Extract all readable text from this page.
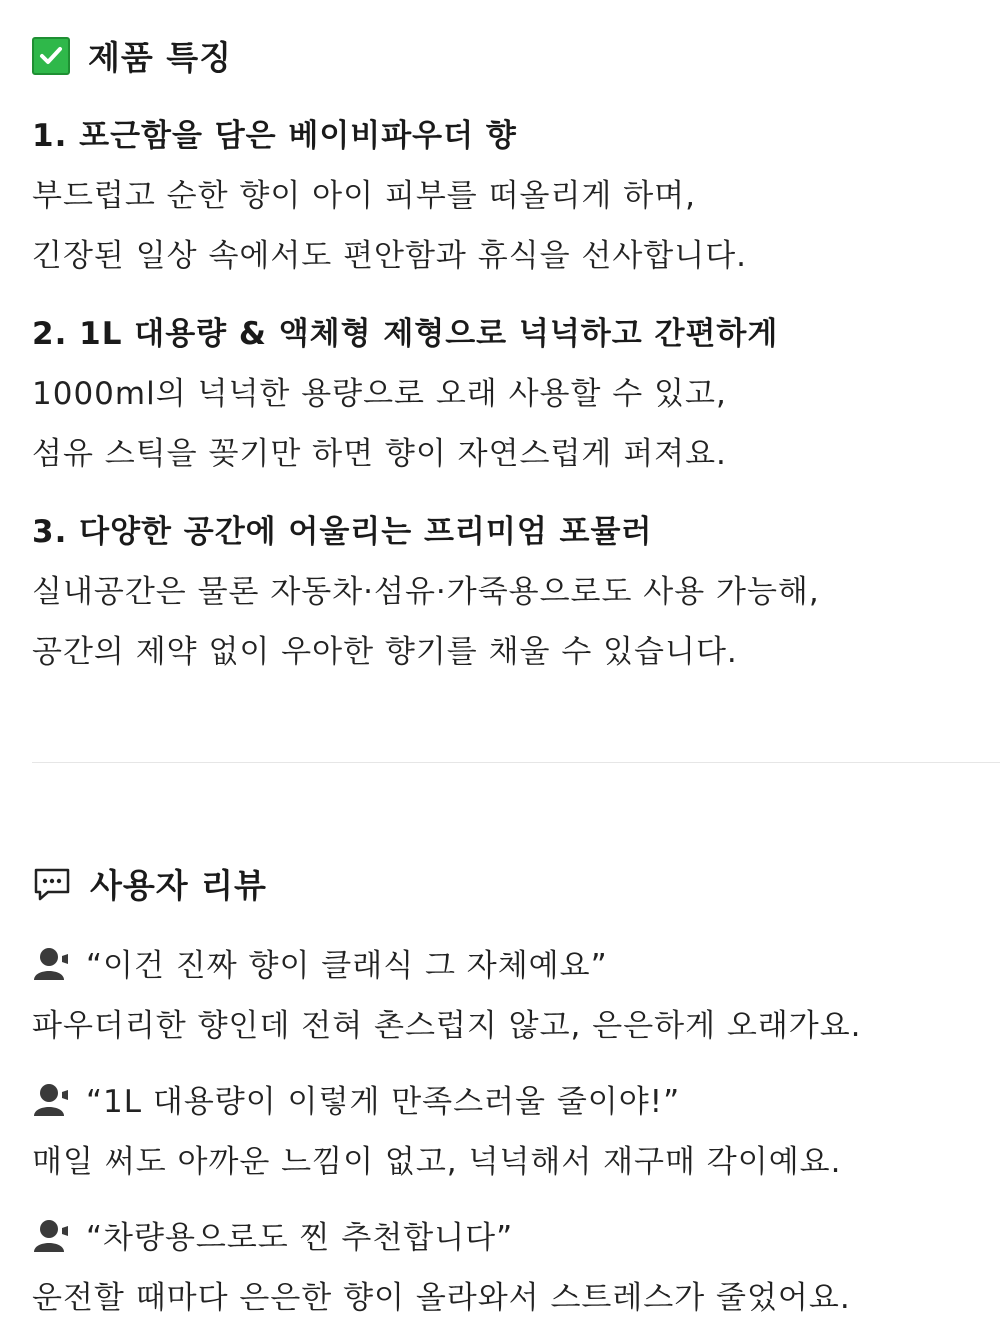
제품 특징
1. 포근함을 담은 베이비파우더 향
부드럽고 순한 향이 아이 피부를 떠올리게 하며,
긴장된 일상 속에서도 편안함과 휴식을 선사합니다.
2. 1L 대용량 & 액체형 제형으로 넉넉하고 간편하게
1000ml의 넉넉한 용량으로 오래 사용할 수 있고,
섬유 스틱을 꽂기만 하면 향이 자연스럽게 퍼져요.
3. 다양한 공간에 어울리는 프리미엄 포뮬러
실내공간은 물론 자동차·섬유·가죽용으로도 사용 가능해,
공간의 제약 없이 우아한 향기를 채울 수 있습니다.
사용자 리뷰
“이건 진짜 향이 클래식 그 자체예요”
파우더리한 향인데 전혀 촌스럽지 않고, 은은하게 오래가요.
“1L 대용량이 이렇게 만족스러울 줄이야!”
매일 써도 아까운 느낌이 없고, 넉넉해서 재구매 각이예요.
“차량용으로도 찐 추천합니다”
운전할 때마다 은은한 향이 올라와서 스트레스가 줄었어요.
